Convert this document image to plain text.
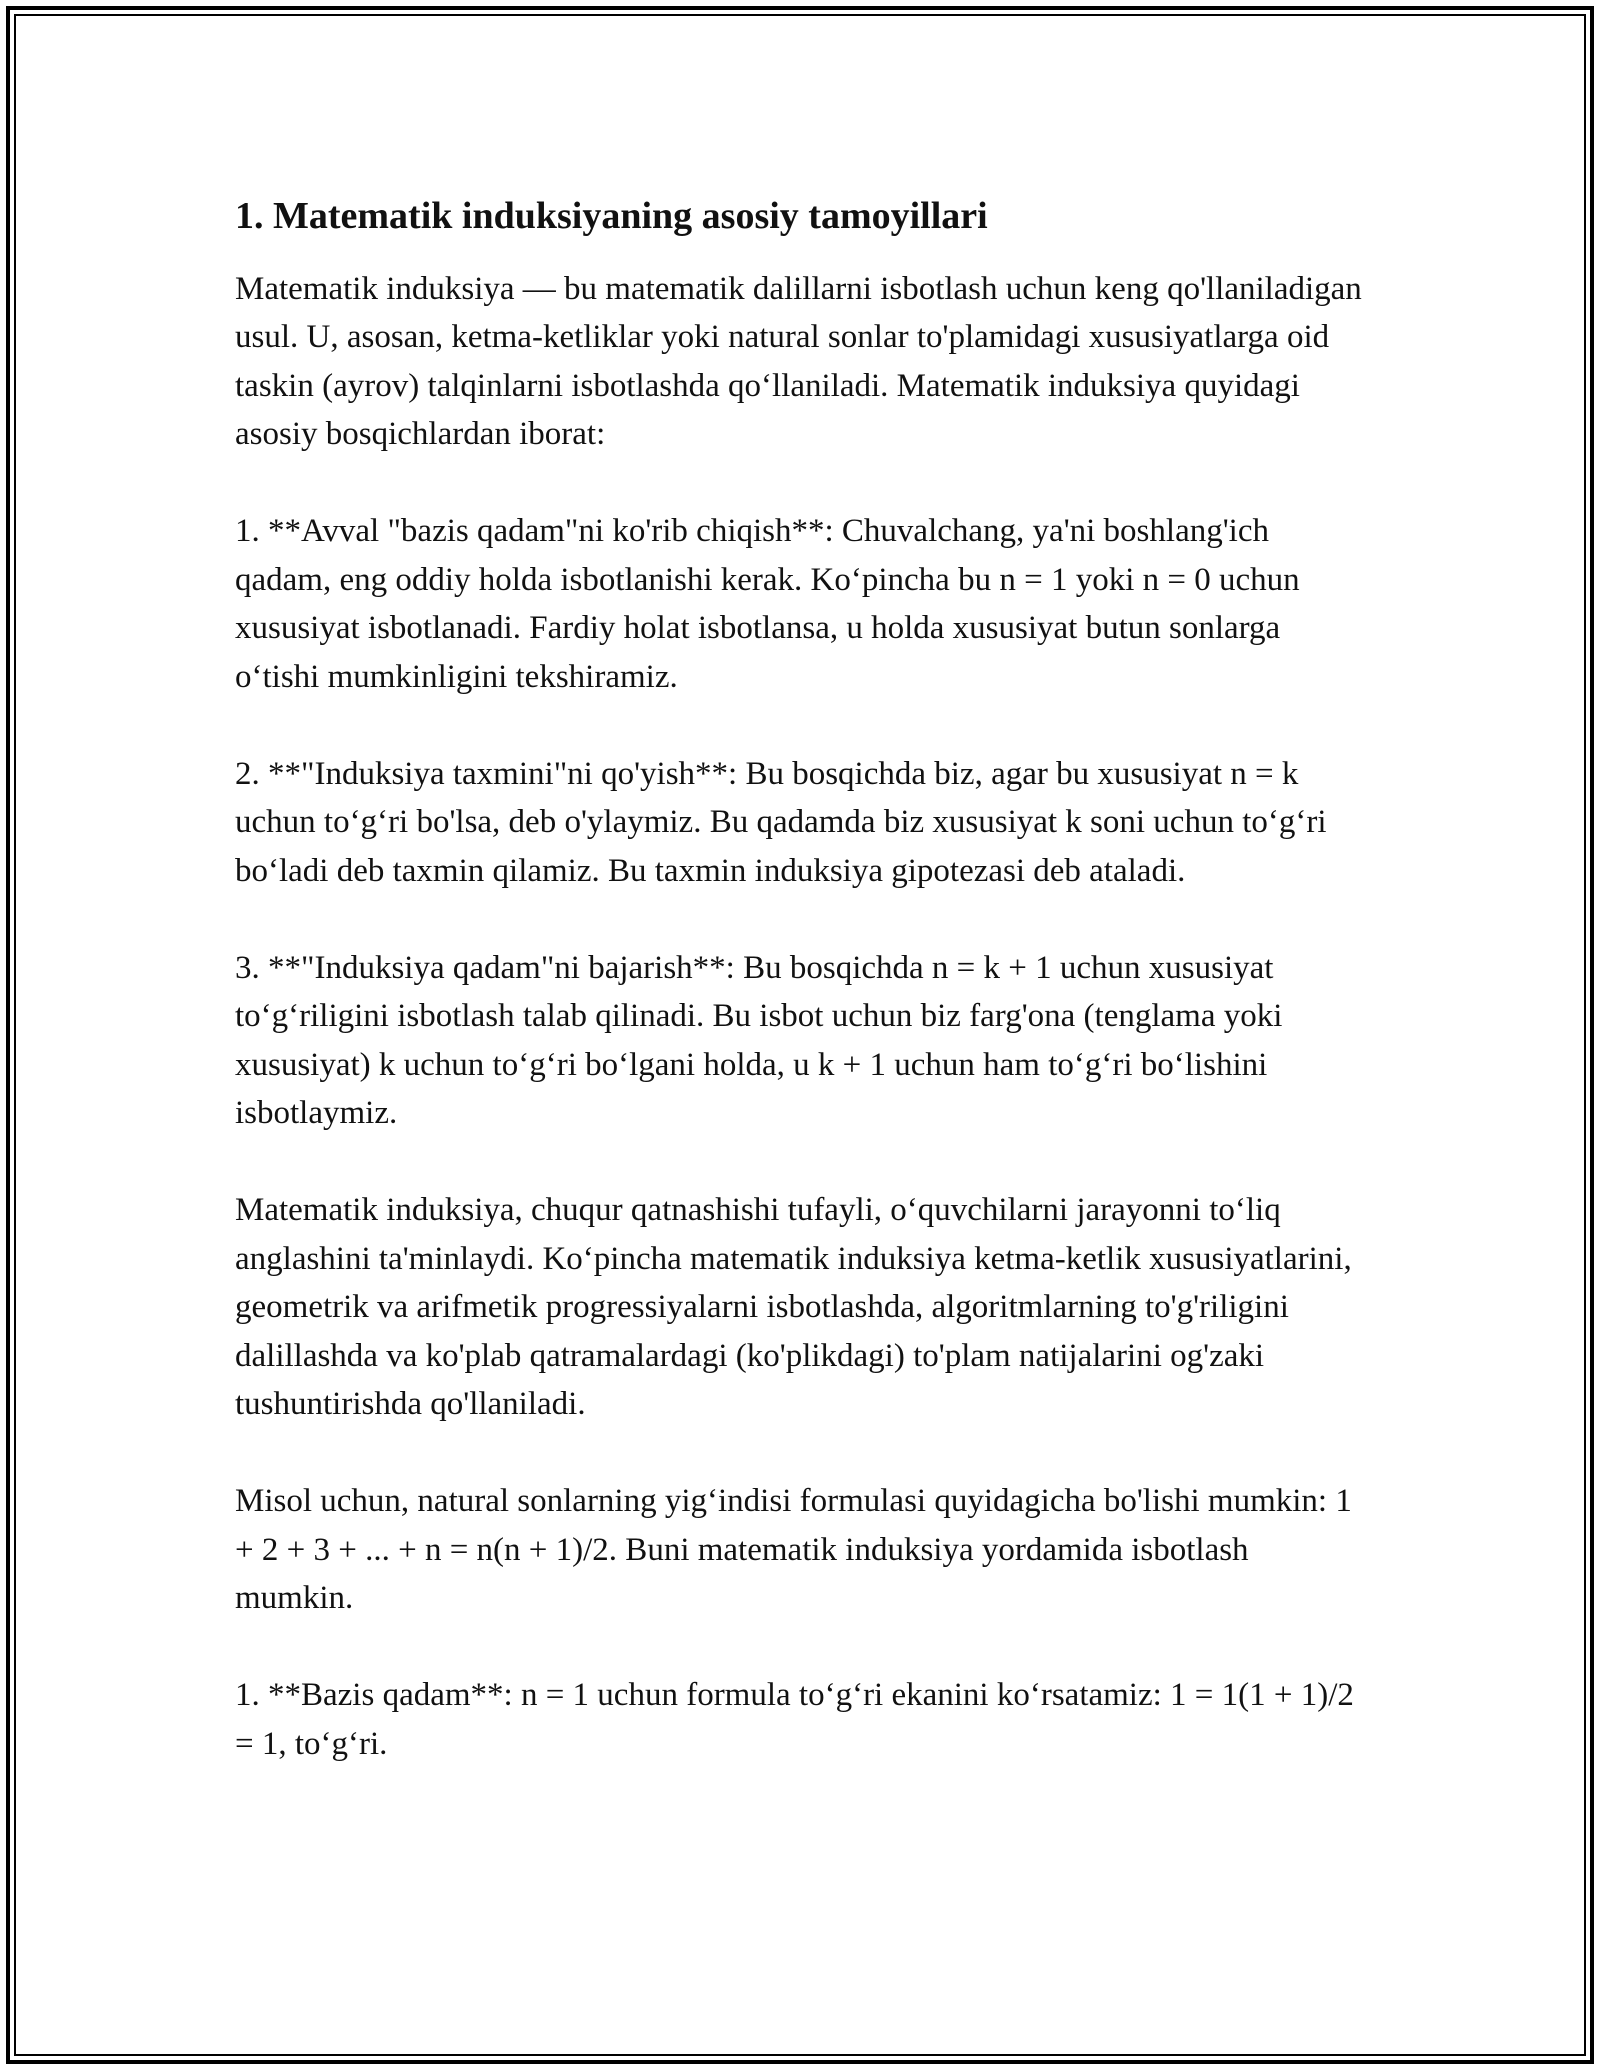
1. Matematik induksiyaning asosiy tamoyillari

Matematik induksiya — bu matematik dalillarni isbotlash uchun keng qo'llaniladigan usul. U, asosan, ketma-ketliklar yoki natural sonlar to'plamidagi xususiyatlarga oid taskin (ayrov) talqinlarni isbotlashda qo‘llaniladi. Matematik induksiya quyidagi asosiy bosqichlardan iborat:

1. **Avval "bazis qadam"ni ko'rib chiqish**: Chuvalchang, ya'ni boshlang'ich qadam, eng oddiy holda isbotlanishi kerak. Ko‘pincha bu n = 1 yoki n = 0 uchun xususiyat isbotlanadi. Fardiy holat isbotlansa, u holda xususiyat butun sonlarga o‘tishi mumkinligini tekshiramiz.

2. **"Induksiya taxmini"ni qo'yish**: Bu bosqichda biz, agar bu xususiyat n = k uchun to‘g‘ri bo'lsa, deb o'ylaymiz. Bu qadamda biz xususiyat k soni uchun to‘g‘ri bo‘ladi deb taxmin qilamiz. Bu taxmin induksiya gipotezasi deb ataladi.

3. **"Induksiya qadam"ni bajarish**: Bu bosqichda n = k + 1 uchun xususiyat to‘g‘riligini isbotlash talab qilinadi. Bu isbot uchun biz farg'ona (tenglama yoki xususiyat) k uchun to‘g‘ri bo‘lgani holda, u k + 1 uchun ham to‘g‘ri bo‘lishini isbotlaymiz.

Matematik induksiya, chuqur qatnashishi tufayli, o‘quvchilarni jarayonni to‘liq anglashini ta'minlaydi. Ko‘pincha matematik induksiya ketma-ketlik xususiyatlarini, geometrik va arifmetik progressiyalarni isbotlashda, algoritmlarning to'g'riligini dalillashda va ko'plab qatramalardagi (ko'plikdagi) to'plam natijalarini og'zaki tushuntirishda qo'llaniladi.

Misol uchun, natural sonlarning yig‘indisi formulasi quyidagicha bo'lishi mumkin: 1 + 2 + 3 + ... + n = n(n + 1)/2. Buni matematik induksiya yordamida isbotlash mumkin.

1. **Bazis qadam**: n = 1 uchun formula to‘g‘ri ekanini ko‘rsatamiz: 1 = 1(1 + 1)/2 = 1, to‘g‘ri.
